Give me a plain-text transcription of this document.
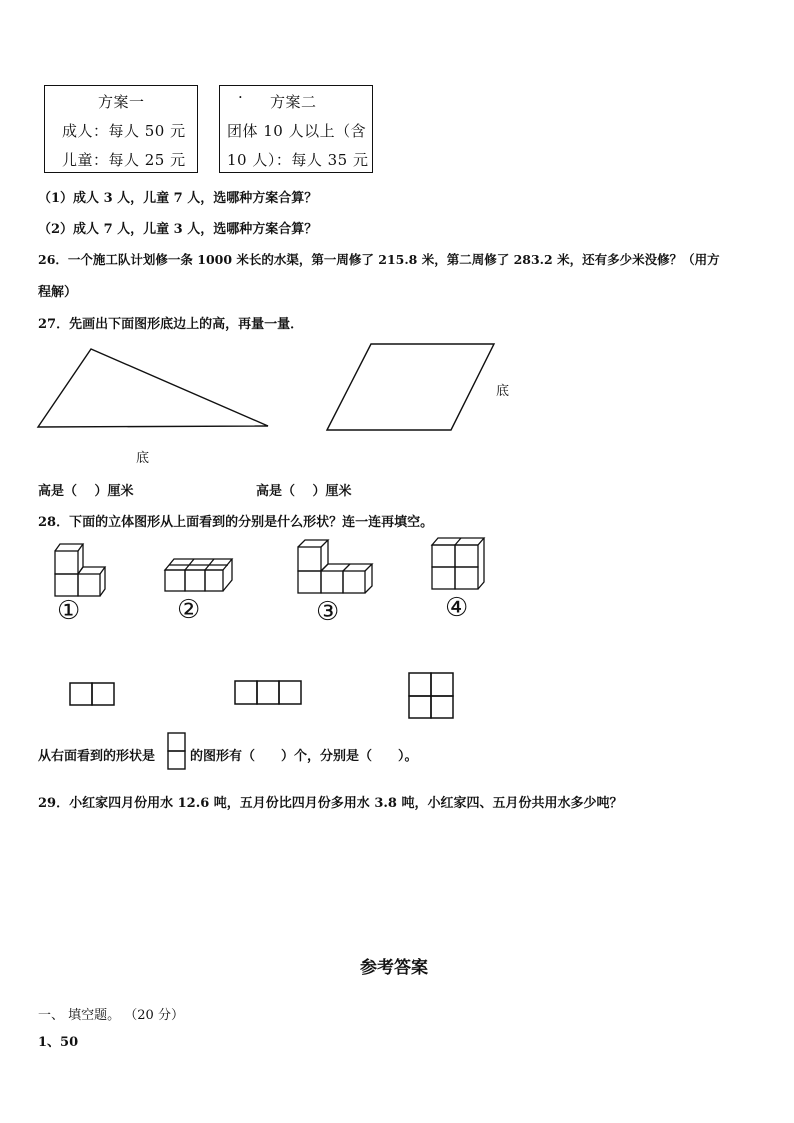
方案一
成人：每人 50 元
儿童：每人 25 元
· 方案二
团体 10 人以上（含
10 人）：每人 35 元
（1）成人 3 人，儿童 7 人，选哪种方案合算？
（2）成人 7 人，儿童 3 人，选哪种方案合算？
26．一个施工队计划修一条 1000 米长的水渠，第一周修了 215.8 米，第二周修了 283.2 米，还有多少米没修？（用方
程解）
27．先画出下面图形底边上的高，再量一量．
底
底
高是（　 ）厘米	高是（　 ）厘米
28．下面的立体图形从上面看到的分别是什么形状？连一连再填空。
①	②	③	④
从右面看到的形状是	的图形有（　　）个，分别是（　　）。
29．小红家四月份用水 12.6 吨，五月份比四月份多用水 3.8 吨，小红家四、五月份共用水多少吨？
参考答案
一、 填空题。 （20 分）
1、50
